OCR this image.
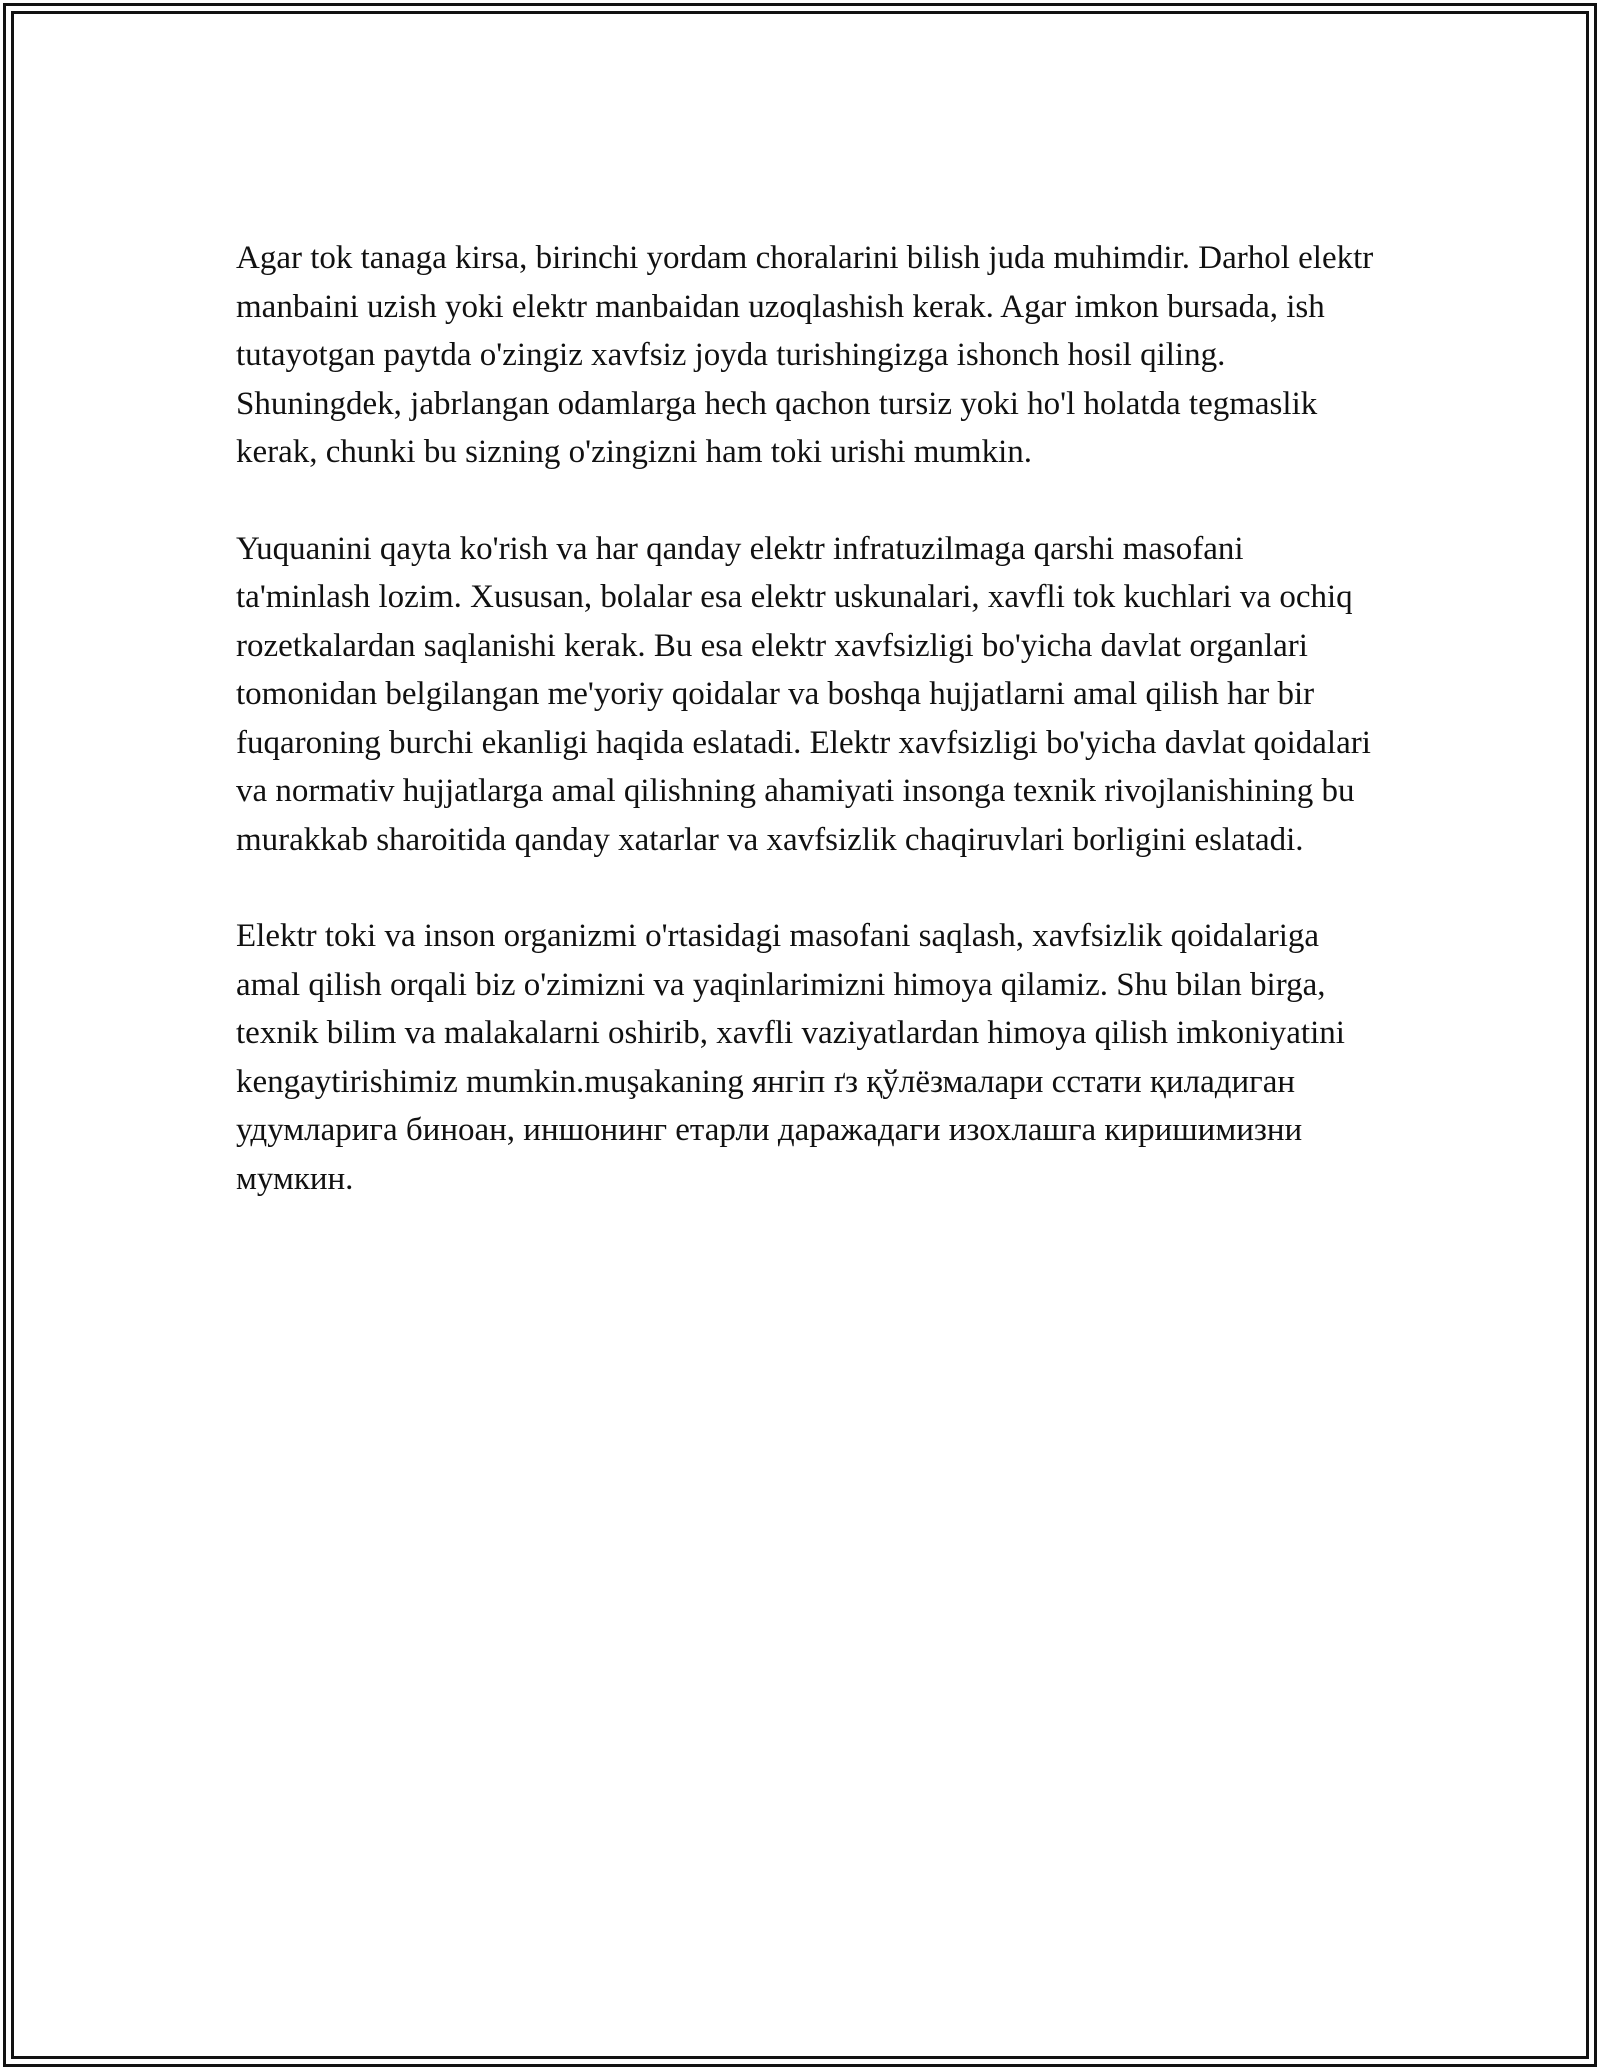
Agar tok tanaga kirsa, birinchi yordam choralarini bilish juda muhimdir. Darhol elektr manbaini uzish yoki elektr manbaidan uzoqlashish kerak. Agar imkon bursada, ish tutayotgan paytda o'zingiz xavfsiz joyda turishingizga ishonch hosil qiling. Shuningdek, jabrlangan odamlarga hech qachon tursiz yoki ho'l holatda tegmaslik kerak, chunki bu sizning o'zingizni ham toki urishi mumkin.

Yuquanini qayta ko'rish va har qanday elektr infratuzilmaga qarshi masofani ta'minlash lozim. Xususan, bolalar esa elektr uskunalari, xavfli tok kuchlari va ochiq rozetkalardan saqlanishi kerak. Bu esa elektr xavfsizligi bo'yicha davlat organlari tomonidan belgilangan me'yoriy qoidalar va boshqa hujjatlarni amal qilish har bir fuqaroning burchi ekanligi haqida eslatadi. Elektr xavfsizligi bo'yicha davlat qoidalari va normativ hujjatlarga amal qilishning ahamiyati insonga texnik rivojlanishining bu murakkab sharoitida qanday xatarlar va xavfsizlik chaqiruvlari borligini eslatadi.

Elektr toki va inson organizmi o'rtasidagi masofani saqlash, xavfsizlik qoidalariga amal qilish orqali biz o'zimizni va yaqinlarimizni himoya qilamiz. Shu bilan birga, texnik bilim va malakalarni oshirib, xavfli vaziyatlardan himoya qilish imkoniyatini kengaytirishimiz mumkin.muşakaning янгiп ґз қўлёзмалари сстати қиладиган удумларига биноан, иншонинг етарли даражадаги изохлашга киришимизни мумкин.
